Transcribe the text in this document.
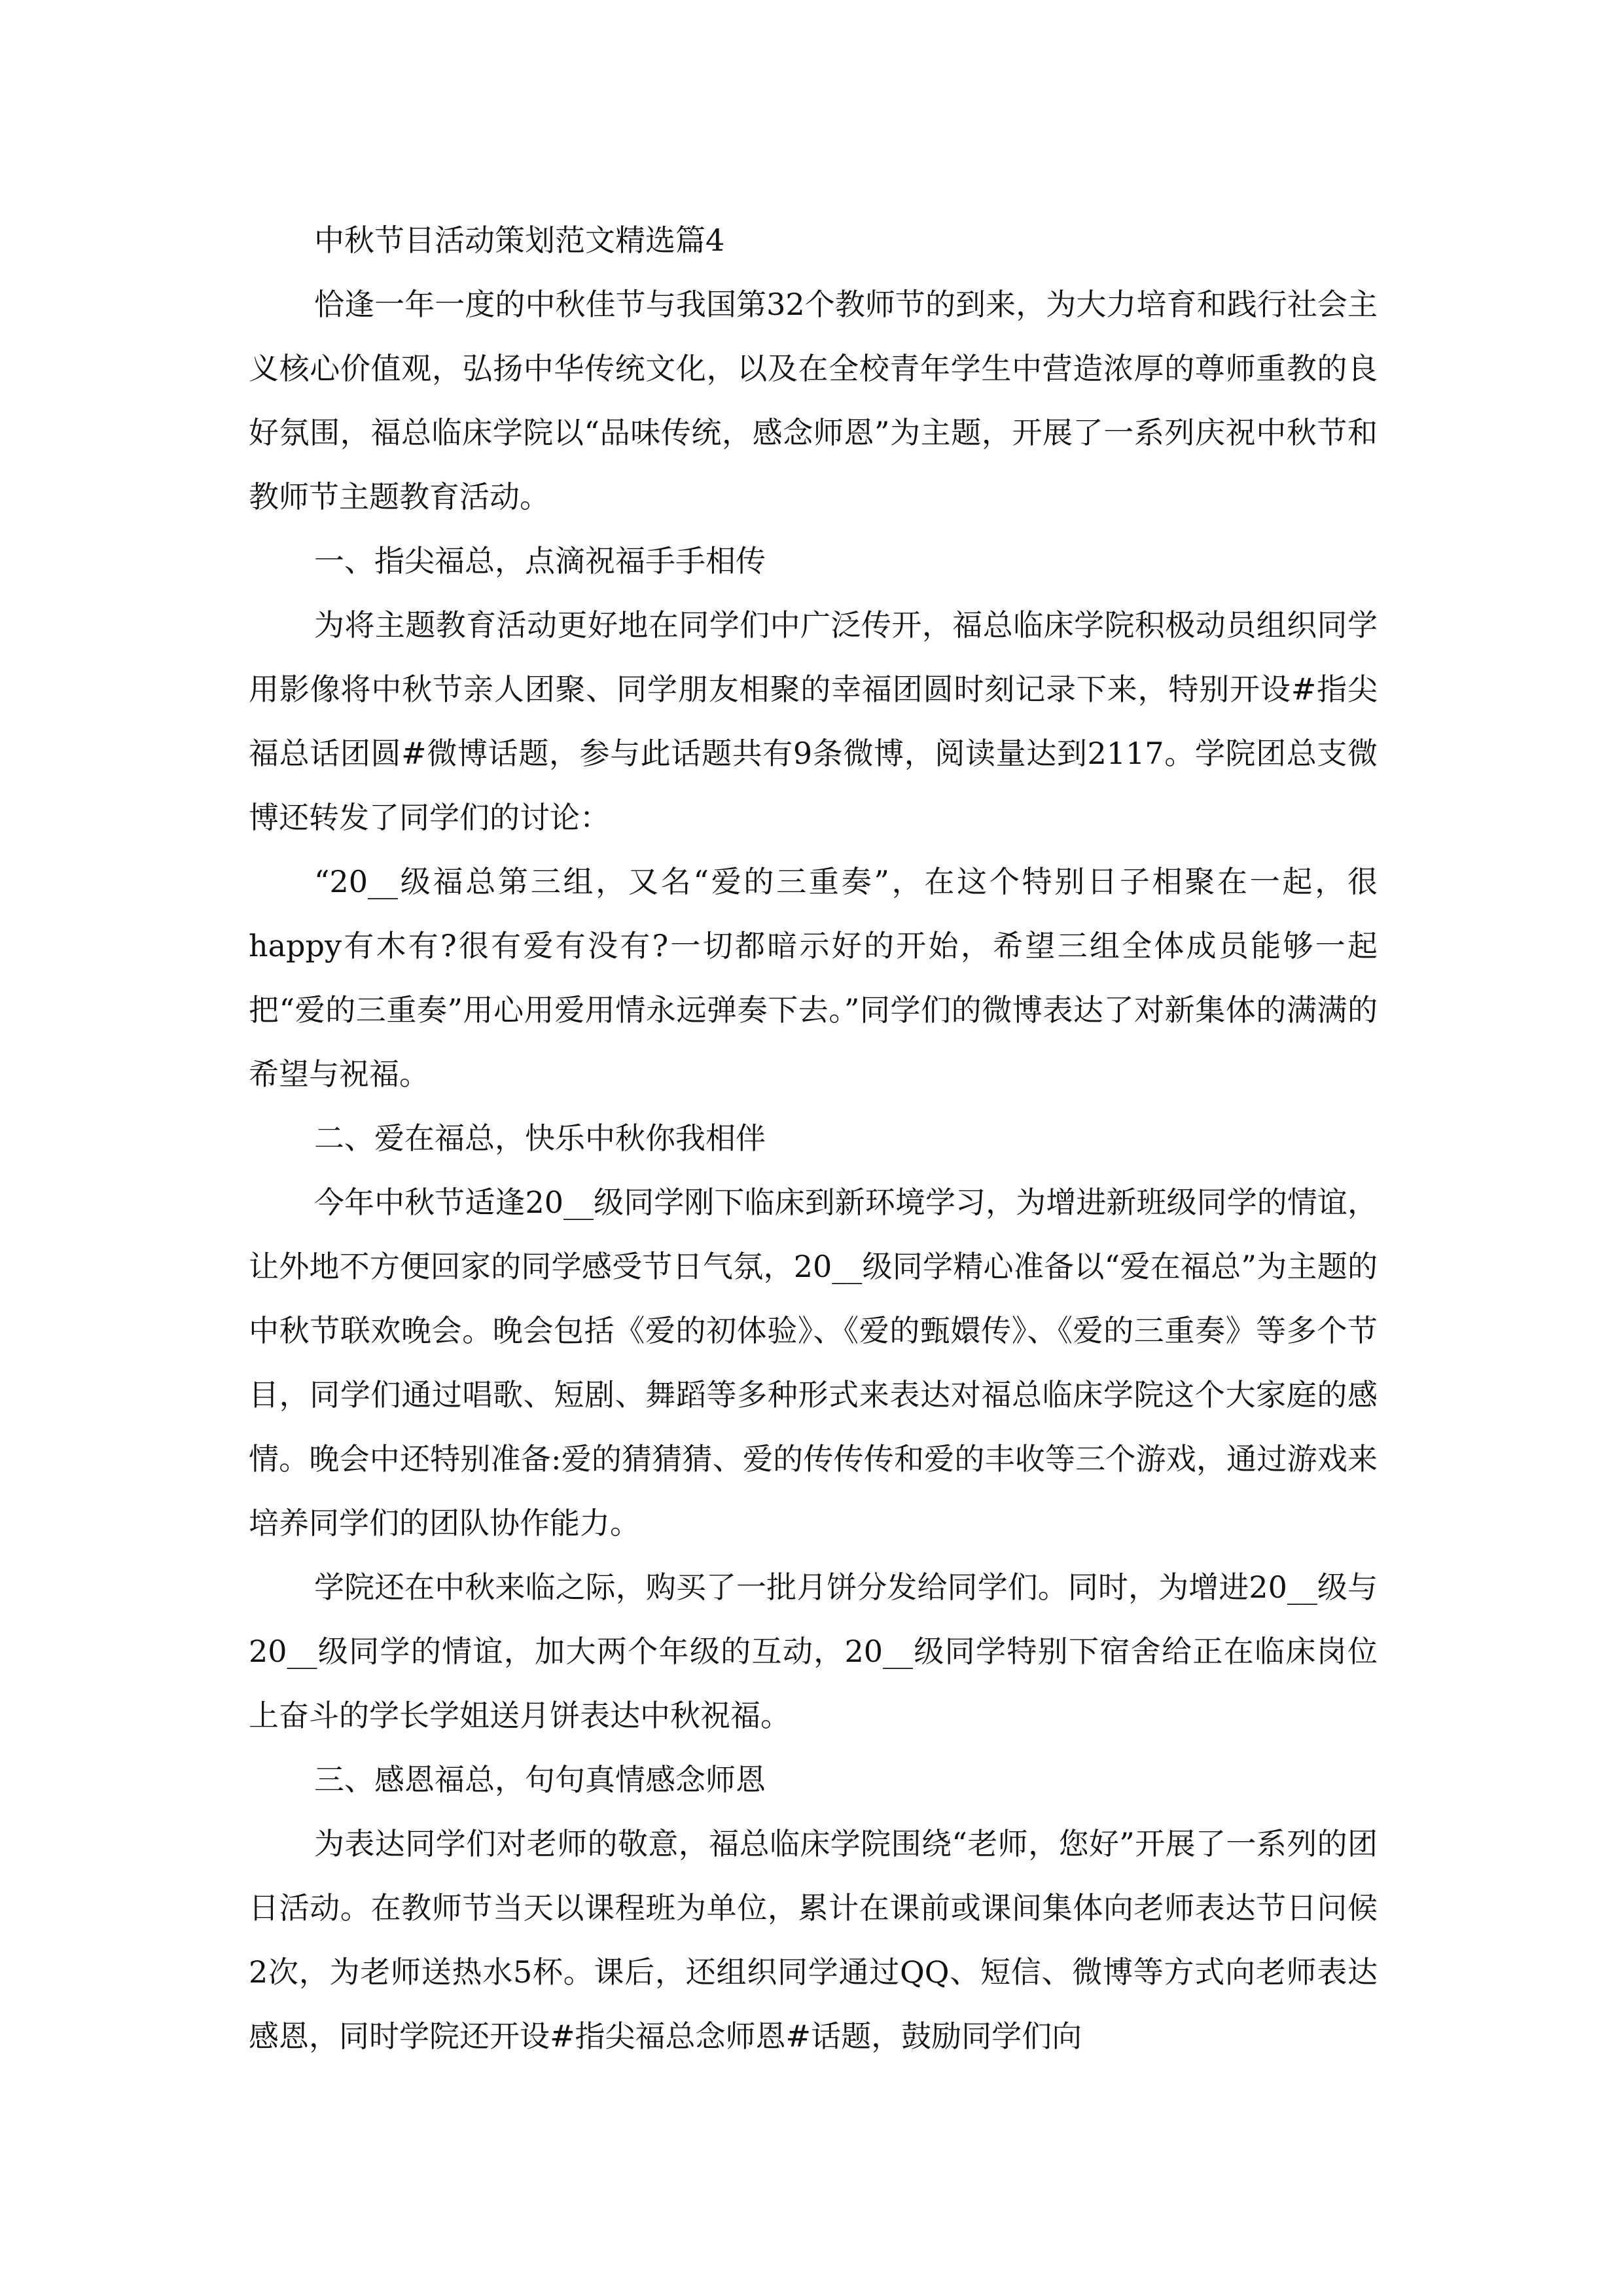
中秋节目活动策划范文精选篇4

恰逢一年一度的中秋佳节与我国第32个教师节的到来，为大力培育和践行社会主义核心价值观，弘扬中华传统文化，以及在全校青年学生中营造浓厚的尊师重教的良好氛围，福总临床学院以“品味传统，感念师恩”为主题，开展了一系列庆祝中秋节和教师节主题教育活动。

一、指尖福总，点滴祝福手手相传

为将主题教育活动更好地在同学们中广泛传开，福总临床学院积极动员组织同学用影像将中秋节亲人团聚、同学朋友相聚的幸福团圆时刻记录下来，特别开设#指尖福总话团圆#微博话题，参与此话题共有9条微博，阅读量达到2117。学院团总支微博还转发了同学们的讨论：

“20__级福总第三组，又名“爱的三重奏”，在这个特别日子相聚在一起，很happy有木有?很有爱有没有?一切都暗示好的开始，希望三组全体成员能够一起把“爱的三重奏”用心用爱用情永远弹奏下去。”同学们的微博表达了对新集体的满满的希望与祝福。

二、爱在福总，快乐中秋你我相伴

今年中秋节适逢20__级同学刚下临床到新环境学习，为增进新班级同学的情谊，让外地不方便回家的同学感受节日气氛，20__级同学精心准备以“爱在福总”为主题的中秋节联欢晚会。晚会包括《爱的初体验》、《爱的甄嬛传》、《爱的三重奏》等多个节目，同学们通过唱歌、短剧、舞蹈等多种形式来表达对福总临床学院这个大家庭的感情。晚会中还特别准备:爱的猜猜猜、爱的传传传和爱的丰收等三个游戏，通过游戏来培养同学们的团队协作能力。

学院还在中秋来临之际，购买了一批月饼分发给同学们。同时，为增进20__级与20__级同学的情谊，加大两个年级的互动，20__级同学特别下宿舍给正在临床岗位上奋斗的学长学姐送月饼表达中秋祝福。

三、感恩福总，句句真情感念师恩

为表达同学们对老师的敬意，福总临床学院围绕“老师，您好”开展了一系列的团日活动。在教师节当天以课程班为单位，累计在课前或课间集体向老师表达节日问候2次，为老师送热水5杯。课后，还组织同学通过QQ、短信、微博等方式向老师表达感恩，同时学院还开设#指尖福总念师恩#话题，鼓励同学们向
